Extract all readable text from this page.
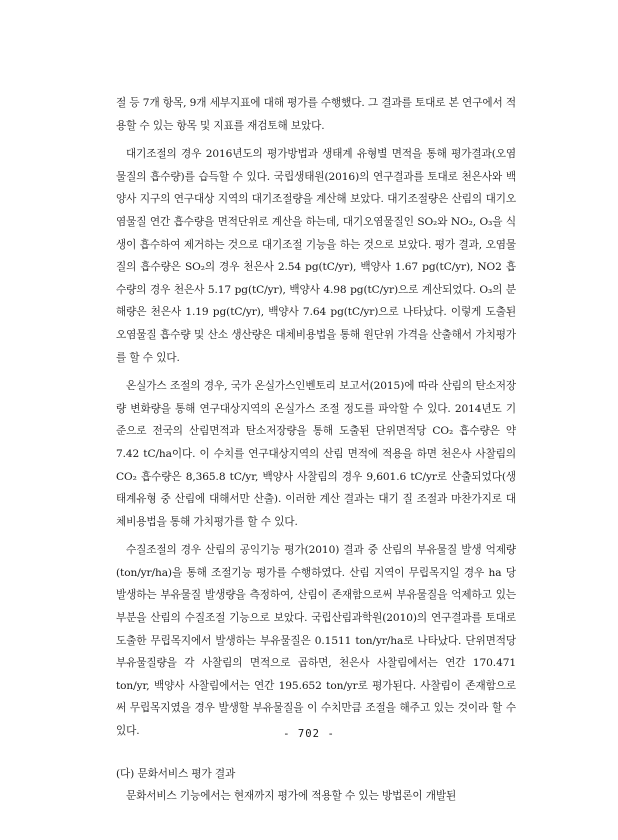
절 등 7개 항목, 9개 세부지표에 대해 평가를 수행했다. 그 결과를 토대로 본 연구에서 적용할 수 있는 항목 및 지표를 재검토해 보았다.

대기조절의 경우 2016년도의 평가방법과 생태계 유형별 면적을 통해 평가결과(오염물질의 흡수량)를 습득할 수 있다. 국립생태원(2016)의 연구결과를 토대로 천은사와 백양사 지구의 연구대상 지역의 대기조절량을 계산해 보았다. 대기조절량은 산림의 대기오염물질 연간 흡수량을 면적단위로 계산을 하는데, 대기오염물질인 SO₂와 NO₂, O₃을 식생이 흡수하여 제거하는 것으로 대기조절 기능을 하는 것으로 보았다. 평가 결과, 오염물질의 흡수량은 SO₂의 경우 천은사 2.54 pg(tC/yr), 백양사 1.67 pg(tC/yr), NO2 흡수량의 경우 천은사 5.17 pg(tC/yr), 백양사 4.98 pg(tC/yr)으로 계산되었다. O₃의 분해량은 천은사 1.19 pg(tC/yr), 백양사 7.64 pg(tC/yr)으로 나타났다. 이렇게 도출된 오염물질 흡수량 및 산소 생산량은 대체비용법을 통해 원단위 가격을 산출해서 가치평가를 할 수 있다.

온실가스 조절의 경우, 국가 온실가스인벤토리 보고서(2015)에 따라 산림의 탄소저장량 변화량을 통해 연구대상지역의 온실가스 조절 정도를 파악할 수 있다. 2014년도 기준으로 전국의 산림면적과 탄소저장량을 통해 도출된 단위면적당 CO₂ 흡수량은 약 7.42 tC/ha이다. 이 수치를 연구대상지역의 산림 면적에 적용을 하면 천은사 사찰림의 CO₂ 흡수량은 8,365.8 tC/yr, 백양사 사찰림의 경우 9,601.6 tC/yr로 산출되었다(생태계유형 중 산림에 대해서만 산출). 이러한 계산 결과는 대기 질 조절과 마찬가지로 대체비용법을 통해 가치평가를 할 수 있다.

수질조절의 경우 산림의 공익기능 평가(2010) 결과 중 산림의 부유물질 발생 억제량(ton/yr/ha)을 통해 조절기능 평가를 수행하였다. 산림 지역이 무립목지일 경우 ha 당 발생하는 부유물질 발생량을 측정하여, 산림이 존재함으로써 부유물질을 억제하고 있는 부분을 산림의 수질조절 기능으로 보았다. 국립산림과학원(2010)의 연구결과를 토대로 도출한 무립목지에서 발생하는 부유물질은 0.1511 ton/yr/ha로 나타났다. 단위면적당 부유물질량을 각 사찰림의 면적으로 곱하면, 천은사 사찰림에서는 연간 170.471 ton/yr, 백양사 사찰림에서는 연간 195.652 ton/yr로 평가된다. 사찰림이 존재함으로써 무립목지였을 경우 발생할 부유물질을 이 수치만큼 조절을 해주고 있는 것이라 할 수 있다.

(다) 문화서비스 평가 결과

문화서비스 기능에서는 현재까지 평가에 적용할 수 있는 방법론이 개발된

- 702 -
